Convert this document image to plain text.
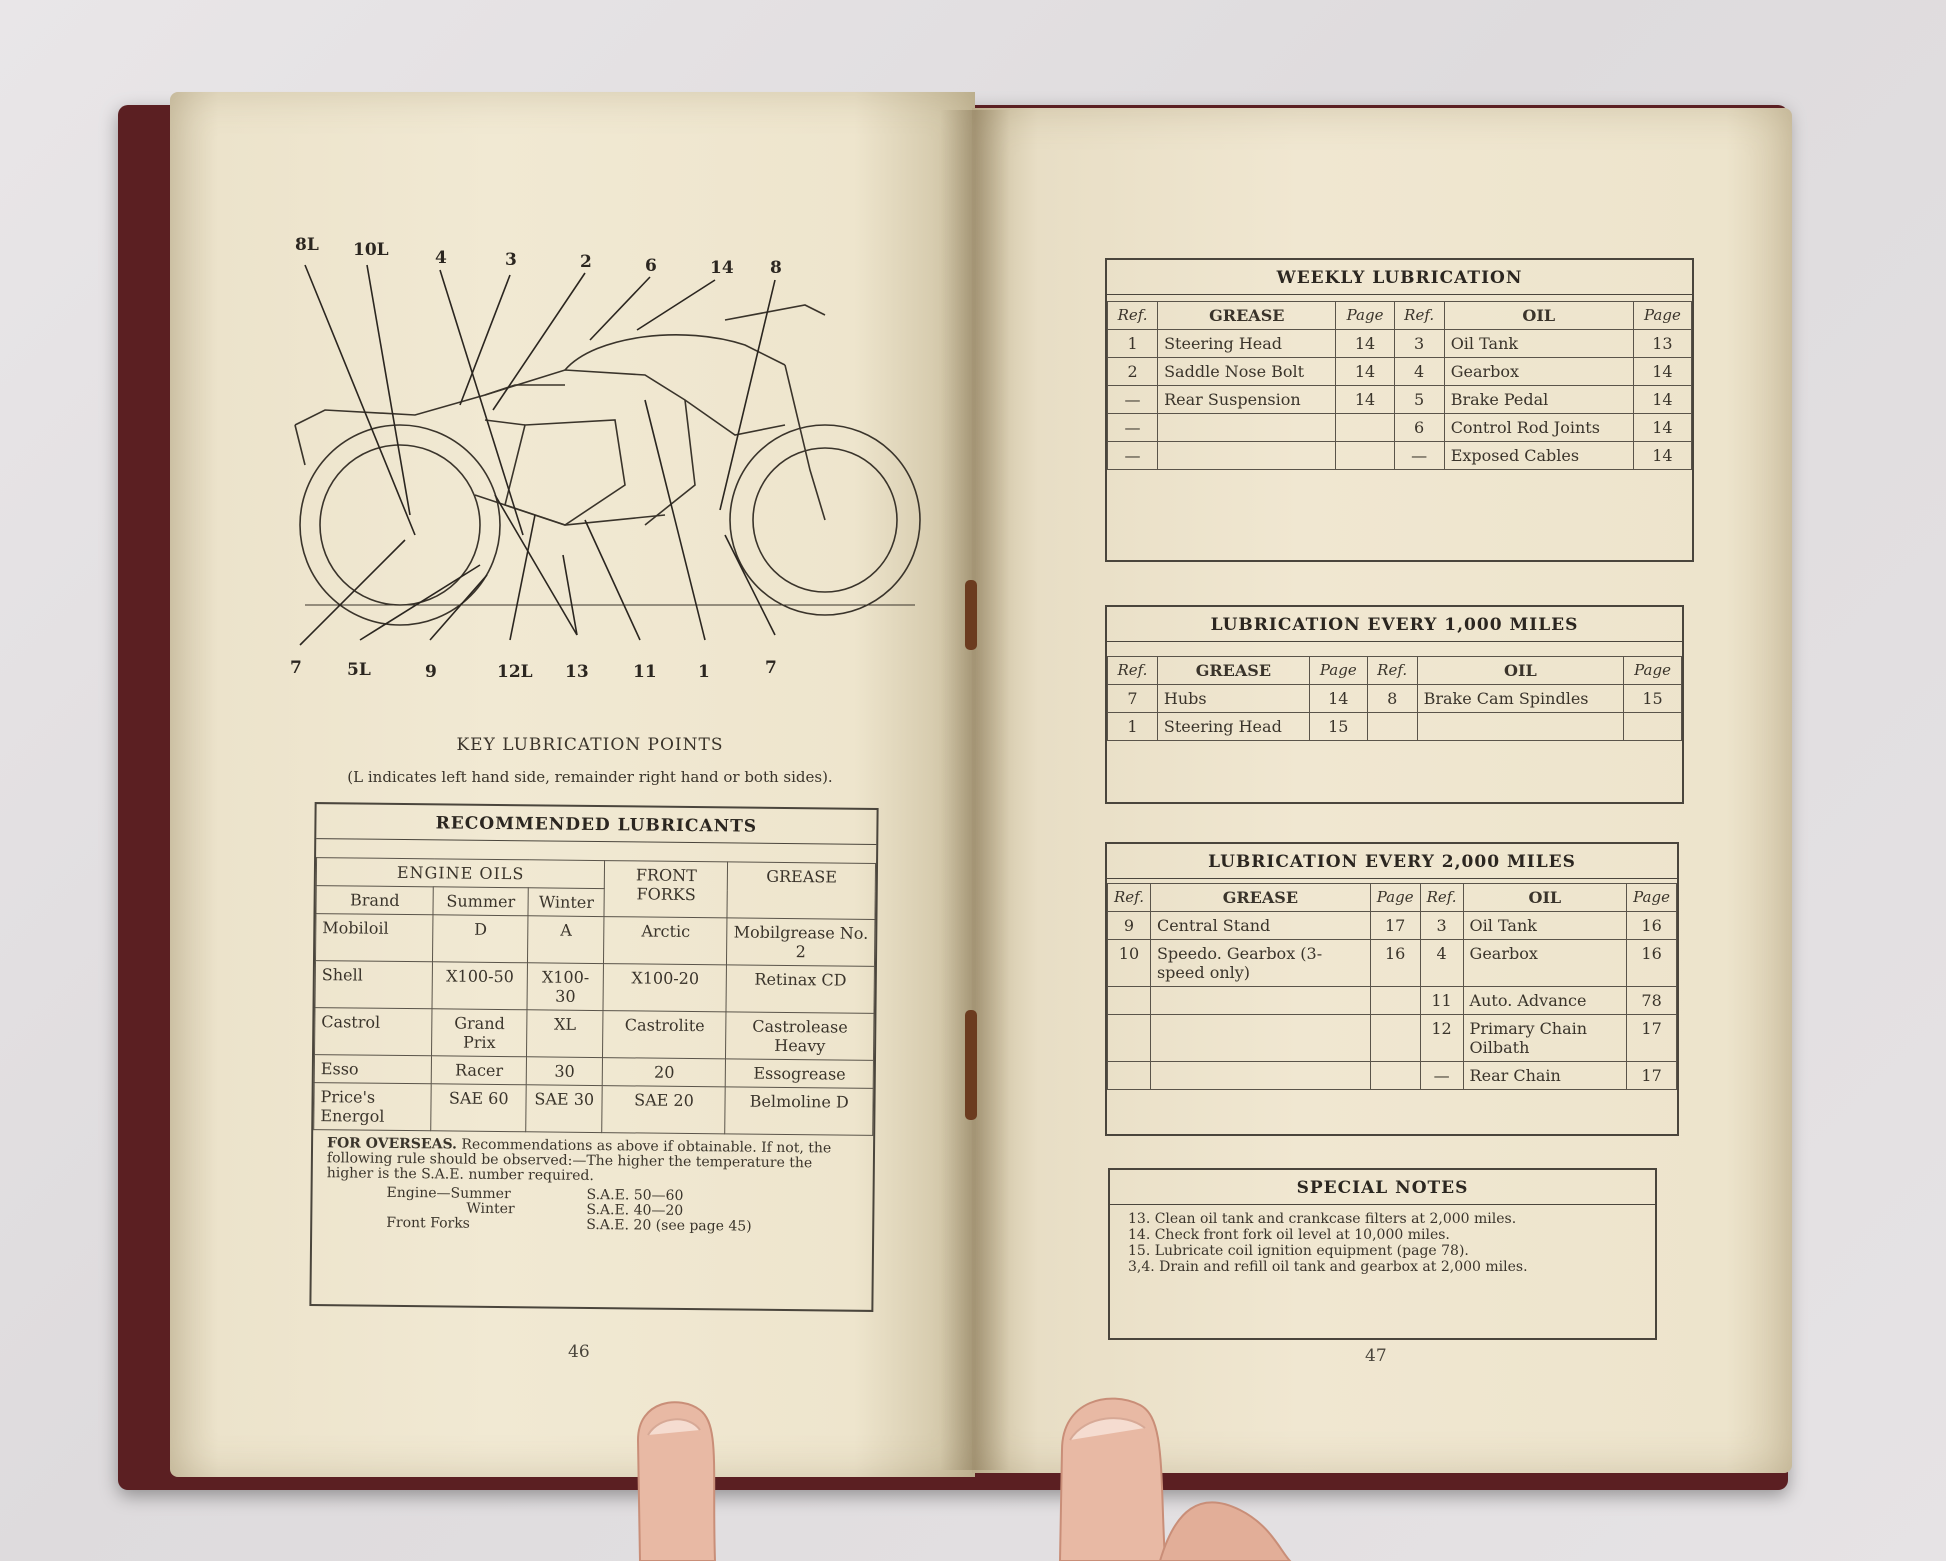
8L 10L	4	3	2	6	14 8
7	5L	9	12L 13	11 1	7
KEY LUBRICATION POINTS
(L indicates left hand side, remainder right hand or both sides).
RECOMMENDED LUBRICANTS
ENGINE OILS			FRONT FORKS	GREASE
Brand	Summer	Winter		
Mobiloil	D	A	Arctic	Mobilgrease No. 2
Shell	X100-50	X100-30	X100-20	Retinax CD
Castrol	Grand Prix	XL	Castrolite	Castrolease Heavy
Esso	Racer	30	20	Essogrease
Price's Energol	SAE 60	SAE 30	SAE 20	Belmoline D
FOR OVERSEAS. Recommendations as above if obtainable. If not, the following rule should be observed:—The higher the temperature the higher is the S.A.E. number required.
Engine—Summer	S.A.E. 50—60
Winter	S.A.E. 40—20
Front Forks	S.A.E. 20 (see page 45)
46
WEEKLY LUBRICATION
Ref.	GREASE	Page	Ref.	OIL	Page
1	Steering Head	14	3	Oil Tank	13
2	Saddle Nose Bolt	14	4	Gearbox	14
—	Rear Suspension	14	5	Brake Pedal	14
—			6	Control Rod Joints	14
—			—	Exposed Cables	14
LUBRICATION EVERY 1,000 MILES
Ref.	GREASE	Page	Ref.	OIL	Page
7	Hubs	14	8	Brake Cam Spindles	15
1	Steering Head	15			
LUBRICATION EVERY 2,000 MILES
Ref.	GREASE	Page	Ref.	OIL	Page
9	Central Stand	17	3	Oil Tank	16
10	Speedo. Gearbox (3-speed only)	16	4	Gearbox	16
			11	Auto. Advance	78
			12	Primary Chain Oilbath	17
			—	Rear Chain	17
SPECIAL NOTES
13. Clean oil tank and crankcase filters at 2,000 miles.
14. Check front fork oil level at 10,000 miles.
15. Lubricate coil ignition equipment (page 78).
3,4. Drain and refill oil tank and gearbox at 2,000 miles.
47
